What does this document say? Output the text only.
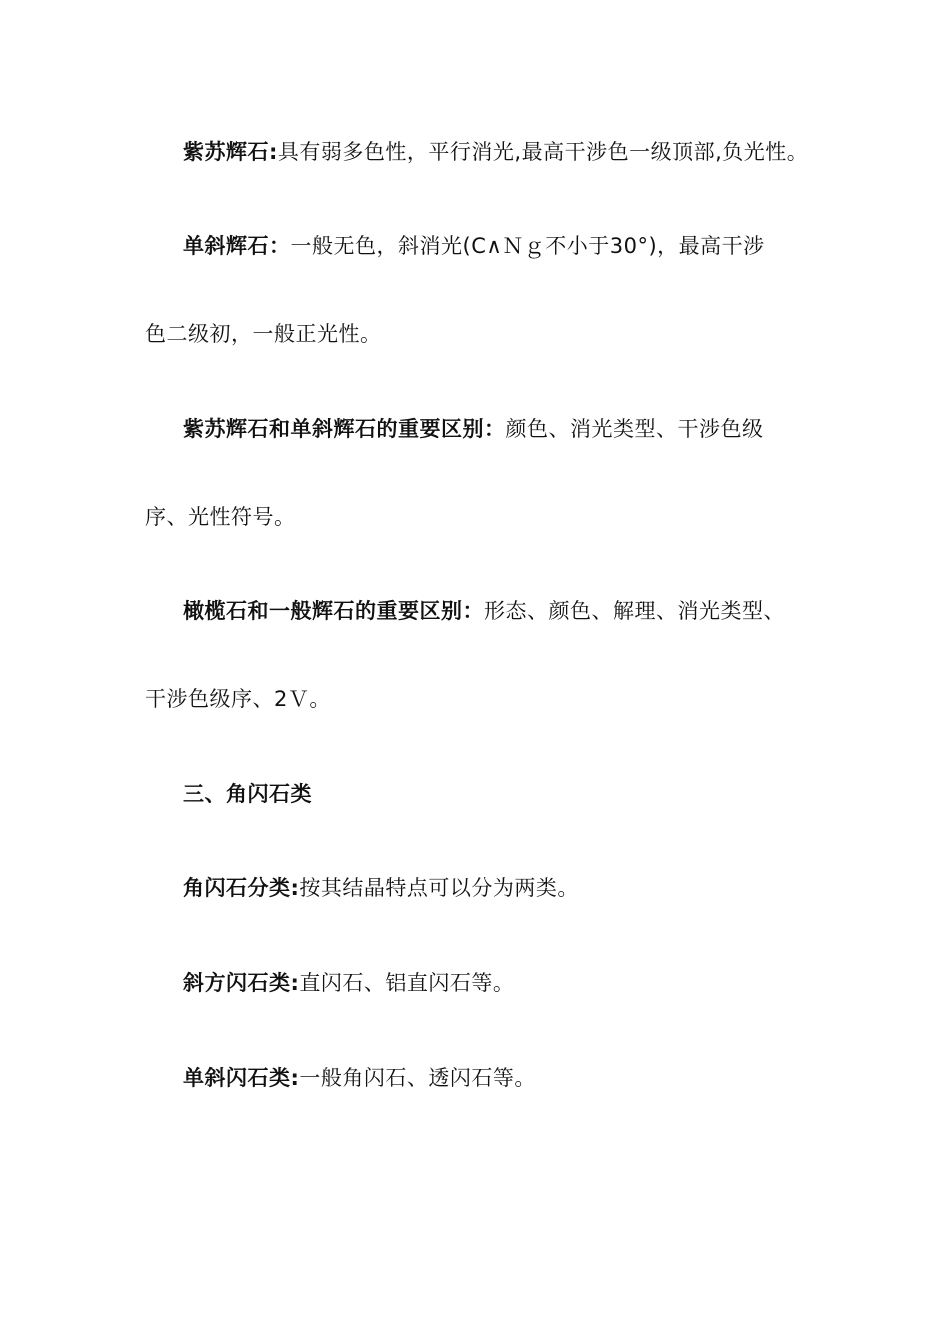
紫苏辉石:具有弱多色性，平行消光,最高干涉色一级顶部,负光性。
单斜辉石：一般无色，斜消光(C∧Ｎｇ不小于30°)，最高干涉
色二级初，一般正光性。
紫苏辉石和单斜辉石的重要区别：颜色、消光类型、干涉色级
序、光性符号。
橄榄石和一般辉石的重要区别：形态、颜色、解理、消光类型、
干涉色级序、2Ｖ。
三、角闪石类
角闪石分类:按其结晶特点可以分为两类。
斜方闪石类:直闪石、铝直闪石等。
单斜闪石类:一般角闪石、透闪石等。
